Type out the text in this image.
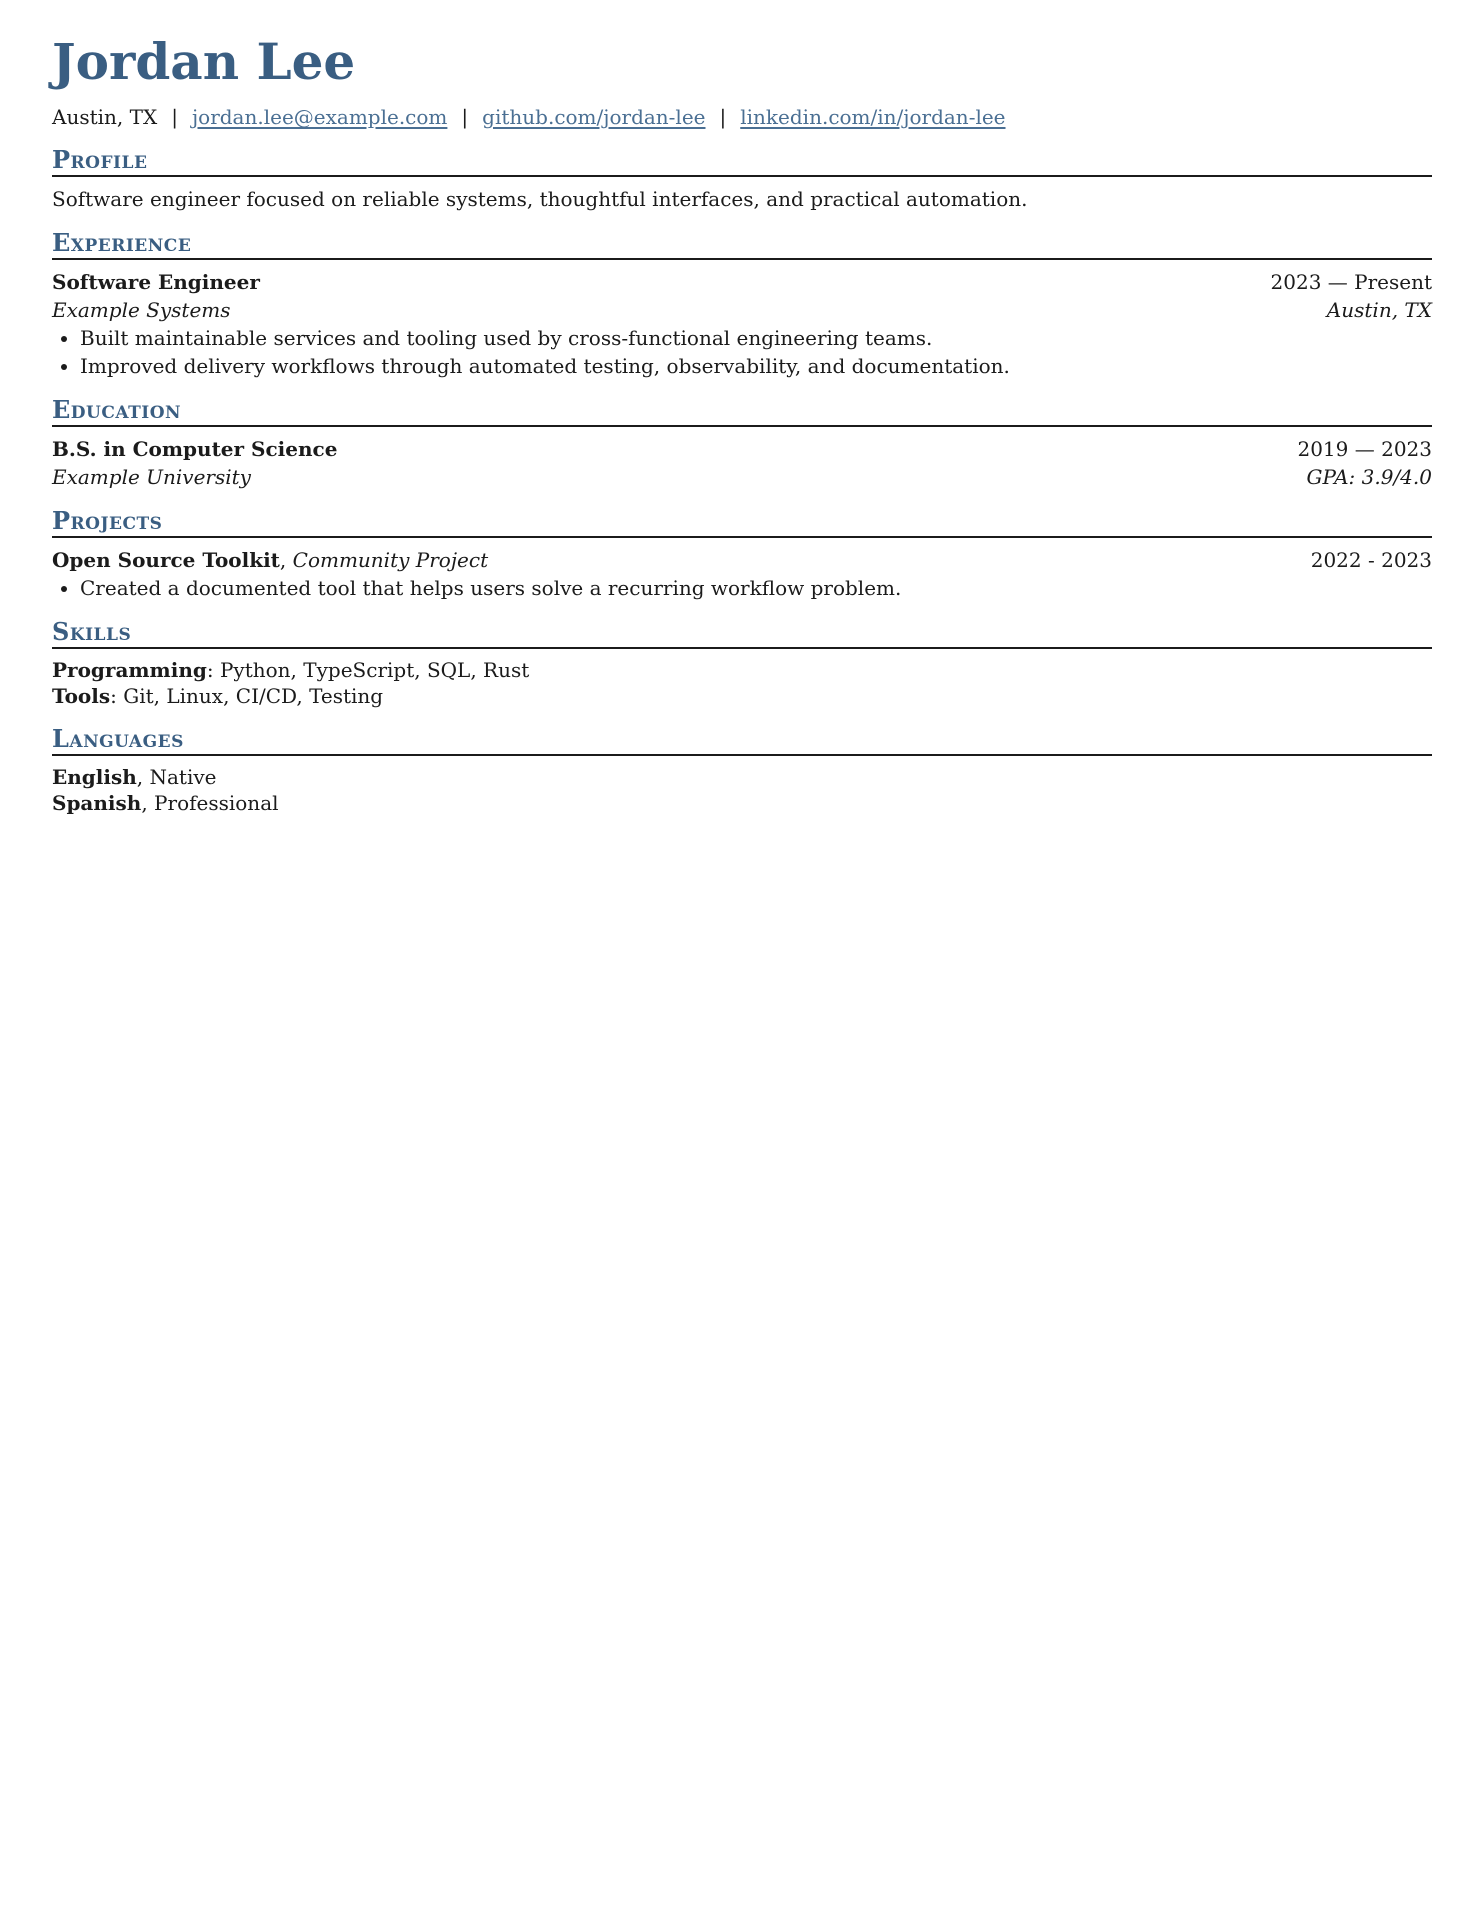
Jordan Lee
Austin, TX | jordan.lee@example.com | github.com/jordan-lee | linkedin.com/in/jordan-lee
Profile
Software engineer focused on reliable systems, thoughtful interfaces, and practical automation.
Experience
Software Engineer	2023 — Present
Example Systems	Austin, TX
• Built maintainable services and tooling used by cross-functional engineering teams.
• Improved delivery workflows through automated testing, observability, and documentation.
Education
B.S. in Computer Science	2019 — 2023
Example University	GPA: 3.9/4.0
Projects
Open Source Toolkit, Community Project	2022 - 2023
• Created a documented tool that helps users solve a recurring workflow problem.
Skills
Programming: Python, TypeScript, SQL, Rust
Tools: Git, Linux, CI/CD, Testing
Languages
English, Native
Spanish, Professional
